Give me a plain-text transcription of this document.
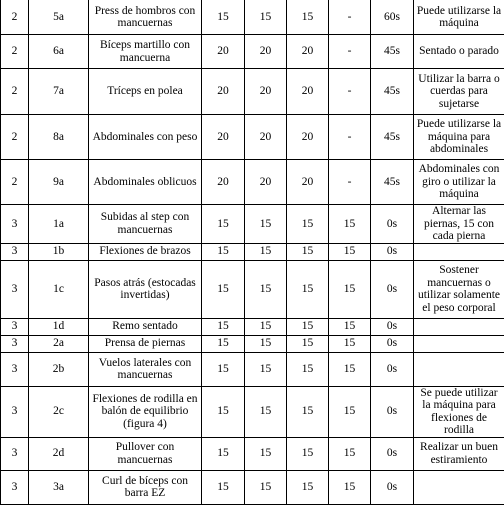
2	5a	Press de hombros con mancuernas	15	15	15	-	60s	Puede utilizarse la máquina
2	6a	Bíceps martillo con mancuerna	20	20	20	-	45s	Sentado o parado
2	7a	Tríceps en polea	20	20	20	-	45s	Utilizar la barra o cuerdas para sujetarse
2	8a	Abdominales con peso	20	20	20	-	45s	Puede utilizarse la máquina para abdominales
2	9a	Abdominales oblicuos	20	20	20	-	45s	Abdominales con giro o utilizar la máquina
3	1a	Subidas al step con mancuernas	15	15	15	15	0s	Alternar las piernas, 15 con cada pierna
3	1b	Flexiones de brazos	15	15	15	15	0s	
3	1c	Pasos atrás (estocadas invertidas)	15	15	15	15	0s	Sostener mancuernas o utilizar solamente el peso corporal
3	1d	Remo sentado	15	15	15	15	0s	
3	2a	Prensa de piernas	15	15	15	15	0s	
3	2b	Vuelos laterales con mancuernas	15	15	15	15	0s	
3	2c	Flexiones de rodilla en balón de equilibrio (figura 4)	15	15	15	15	0s	Se puede utilizar la máquina para flexiones de rodilla
3	2d	Pullover con mancuernas	15	15	15	15	0s	Realizar un buen estiramiento
3	3a	Curl de bíceps con barra EZ	15	15	15	15	0s	
